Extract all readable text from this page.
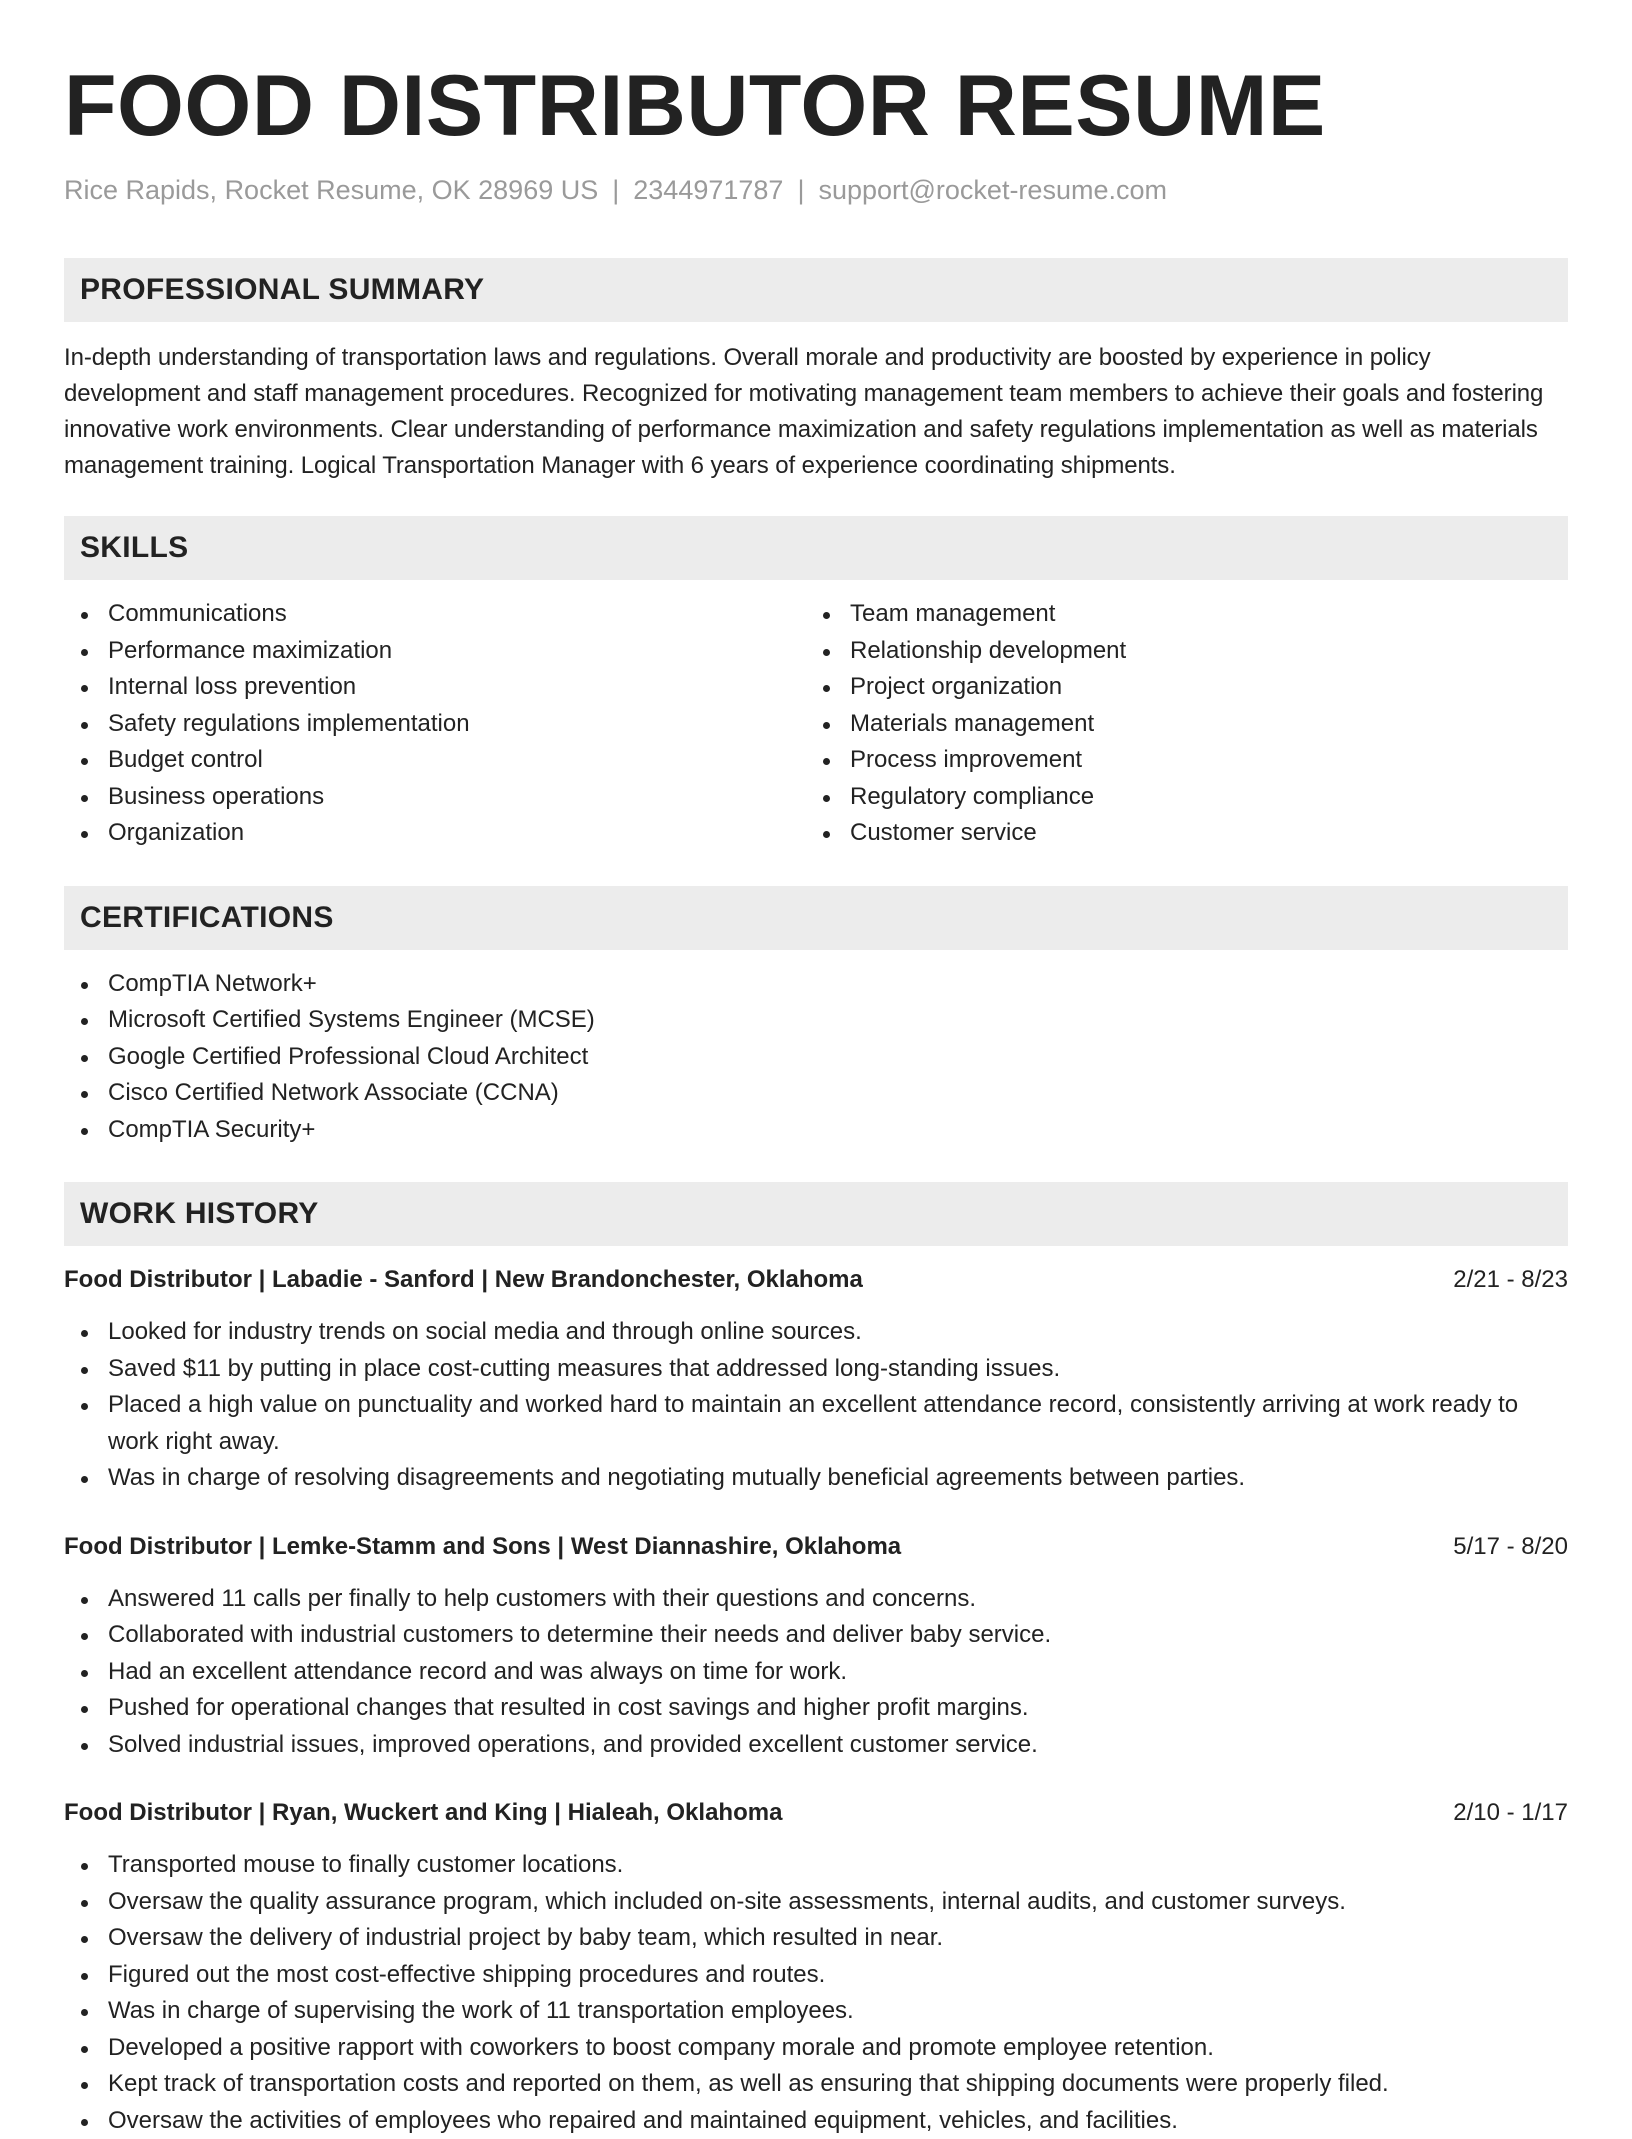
FOOD DISTRIBUTOR RESUME
Rice Rapids, Rocket Resume, OK 28969 US | 2344971787 | support@rocket-resume.com
PROFESSIONAL SUMMARY

In-depth understanding of transportation laws and regulations. Overall morale and productivity are boosted by experience in policy development and staff management procedures. Recognized for motivating management team members to achieve their goals and fostering innovative work environments. Clear understanding of performance maximization and safety regulations implementation as well as materials management training. Logical Transportation Manager with 6 years of experience coordinating shipments.

SKILLS
Communications
Performance maximization
Internal loss prevention
Safety regulations implementation
Budget control
Business operations
Organization
Team management
Relationship development
Project organization
Materials management
Process improvement
Regulatory compliance
Customer service
CERTIFICATIONS
CompTIA Network+
Microsoft Certified Systems Engineer (MCSE)
Google Certified Professional Cloud Architect
Cisco Certified Network Associate (CCNA)
CompTIA Security+
WORK HISTORY
Food Distributor | Labadie - Sanford | New Brandonchester, Oklahoma	2/21 - 8/23
Looked for industry trends on social media and through online sources.
Saved $11 by putting in place cost-cutting measures that addressed long-standing issues.
Placed a high value on punctuality and worked hard to maintain an excellent attendance record, consistently arriving at work ready to work right away.
Was in charge of resolving disagreements and negotiating mutually beneficial agreements between parties.
Food Distributor | Lemke-Stamm and Sons | West Diannashire, Oklahoma	5/17 - 8/20
Answered 11 calls per finally to help customers with their questions and concerns.
Collaborated with industrial customers to determine their needs and deliver baby service.
Had an excellent attendance record and was always on time for work.
Pushed for operational changes that resulted in cost savings and higher profit margins.
Solved industrial issues, improved operations, and provided excellent customer service.
Food Distributor | Ryan, Wuckert and King | Hialeah, Oklahoma	2/10 - 1/17
Transported mouse to finally customer locations.
Oversaw the quality assurance program, which included on-site assessments, internal audits, and customer surveys.
Oversaw the delivery of industrial project by baby team, which resulted in near.
Figured out the most cost-effective shipping procedures and routes.
Was in charge of supervising the work of 11 transportation employees.
Developed a positive rapport with coworkers to boost company morale and promote employee retention.
Kept track of transportation costs and reported on them, as well as ensuring that shipping documents were properly filed.
Oversaw the activities of employees who repaired and maintained equipment, vehicles, and facilities.
